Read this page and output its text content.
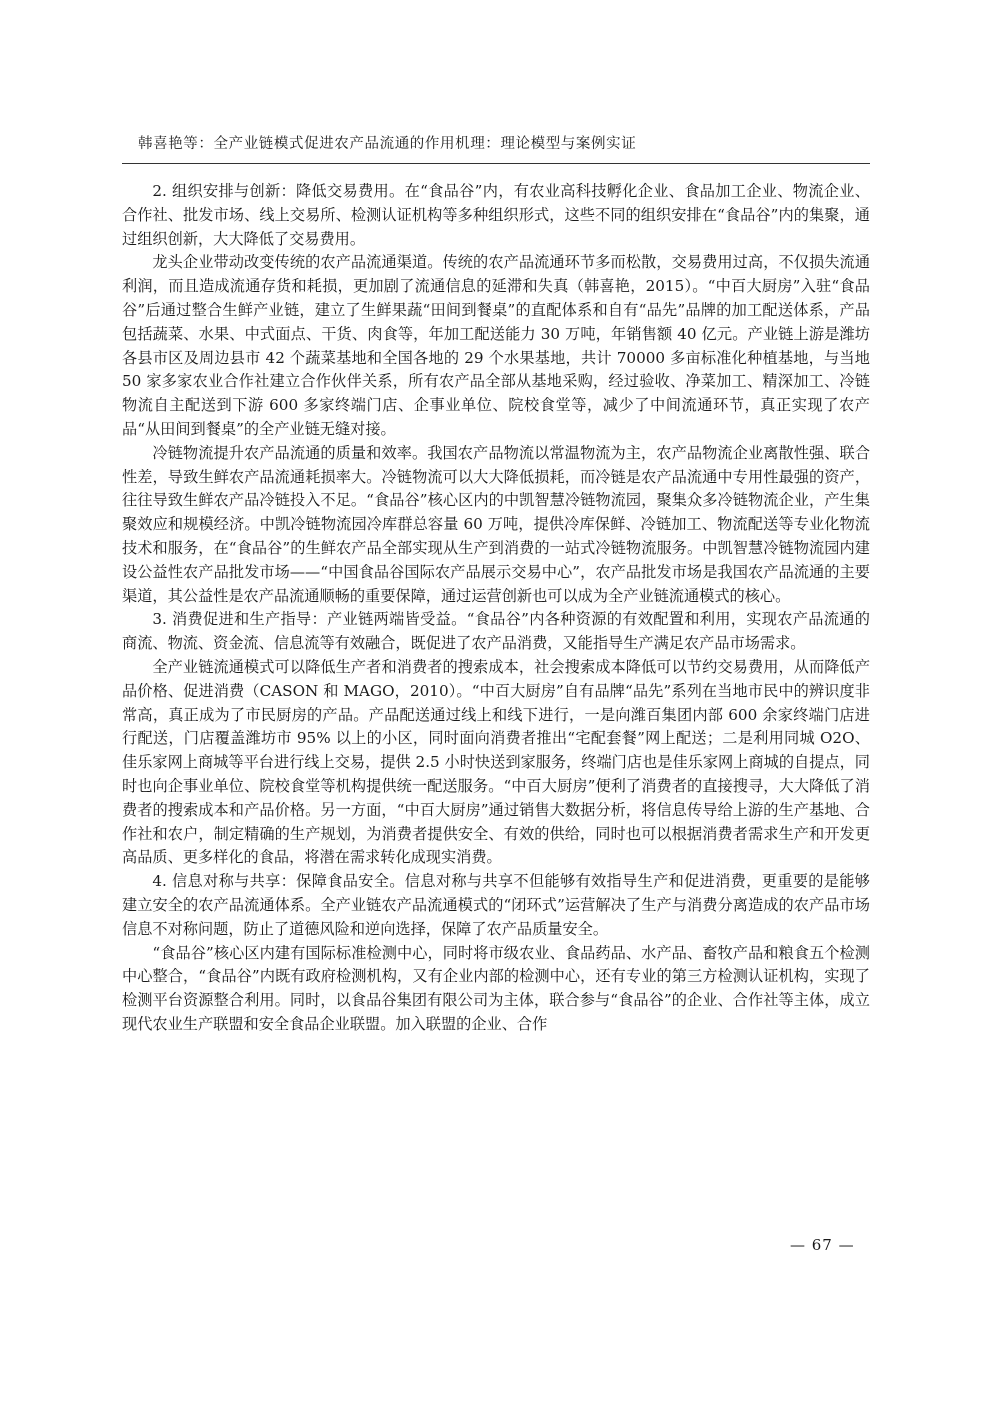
韩喜艳等：全产业链模式促进农产品流通的作用机理：理论模型与案例实证

2. 组织安排与创新：降低交易费用。在“食品谷”内，有农业高科技孵化企业、食品加工企业、物流企业、合作社、批发市场、线上交易所、检测认证机构等多种组织形式，这些不同的组织安排在“食品谷”内的集聚，通过组织创新，大大降低了交易费用。

龙头企业带动改变传统的农产品流通渠道。传统的农产品流通环节多而松散，交易费用过高，不仅损失流通利润，而且造成流通存货和耗损，更加剧了流通信息的延滞和失真（韩喜艳，2015）。“中百大厨房”入驻“食品谷”后通过整合生鲜产业链，建立了生鲜果蔬“田间到餐桌”的直配体系和自有“品先”品牌的加工配送体系，产品包括蔬菜、水果、中式面点、干货、肉食等，年加工配送能力 30 万吨，年销售额 40 亿元。产业链上游是潍坊各县市区及周边县市 42 个蔬菜基地和全国各地的 29 个水果基地，共计 70000 多亩标准化种植基地，与当地 50 家多家农业合作社建立合作伙伴关系，所有农产品全部从基地采购，经过验收、净菜加工、精深加工、冷链物流自主配送到下游 600 多家终端门店、企事业单位、院校食堂等，减少了中间流通环节，真正实现了农产品“从田间到餐桌”的全产业链无缝对接。

冷链物流提升农产品流通的质量和效率。我国农产品物流以常温物流为主，农产品物流企业离散性强、联合性差，导致生鲜农产品流通耗损率大。冷链物流可以大大降低损耗，而冷链是农产品流通中专用性最强的资产，往往导致生鲜农产品冷链投入不足。“食品谷”核心区内的中凯智慧冷链物流园，聚集众多冷链物流企业，产生集聚效应和规模经济。中凯冷链物流园冷库群总容量 60 万吨，提供冷库保鲜、冷链加工、物流配送等专业化物流技术和服务，在“食品谷”的生鲜农产品全部实现从生产到消费的一站式冷链物流服务。中凯智慧冷链物流园内建设公益性农产品批发市场——“中国食品谷国际农产品展示交易中心”，农产品批发市场是我国农产品流通的主要渠道，其公益性是农产品流通顺畅的重要保障，通过运营创新也可以成为全产业链流通模式的核心。

3. 消费促进和生产指导：产业链两端皆受益。“食品谷”内各种资源的有效配置和利用，实现农产品流通的商流、物流、资金流、信息流等有效融合，既促进了农产品消费，又能指导生产满足农产品市场需求。

全产业链流通模式可以降低生产者和消费者的搜索成本，社会搜索成本降低可以节约交易费用，从而降低产品价格、促进消费（CASON 和 MAGO，2010）。“中百大厨房”自有品牌“品先”系列在当地市民中的辨识度非常高，真正成为了市民厨房的产品。产品配送通过线上和线下进行，一是向潍百集团内部 600 余家终端门店进行配送，门店覆盖潍坊市 95% 以上的小区，同时面向消费者推出“宅配套餐”网上配送；二是利用同城 O2O、佳乐家网上商城等平台进行线上交易，提供 2.5 小时快送到家服务，终端门店也是佳乐家网上商城的自提点，同时也向企事业单位、院校食堂等机构提供统一配送服务。“中百大厨房”便利了消费者的直接搜寻，大大降低了消费者的搜索成本和产品价格。另一方面，“中百大厨房”通过销售大数据分析，将信息传导给上游的生产基地、合作社和农户，制定精确的生产规划，为消费者提供安全、有效的供给，同时也可以根据消费者需求生产和开发更高品质、更多样化的食品，将潜在需求转化成现实消费。

4. 信息对称与共享：保障食品安全。信息对称与共享不但能够有效指导生产和促进消费，更重要的是能够建立安全的农产品流通体系。全产业链农产品流通模式的“闭环式”运营解决了生产与消费分离造成的农产品市场信息不对称问题，防止了道德风险和逆向选择，保障了农产品质量安全。

“食品谷”核心区内建有国际标准检测中心，同时将市级农业、食品药品、水产品、畜牧产品和粮食五个检测中心整合，“食品谷”内既有政府检测机构，又有企业内部的检测中心，还有专业的第三方检测认证机构，实现了检测平台资源整合利用。同时，以食品谷集团有限公司为主体，联合参与“食品谷”的企业、合作社等主体，成立现代农业生产联盟和安全食品企业联盟。加入联盟的企业、合作

— 67 —
